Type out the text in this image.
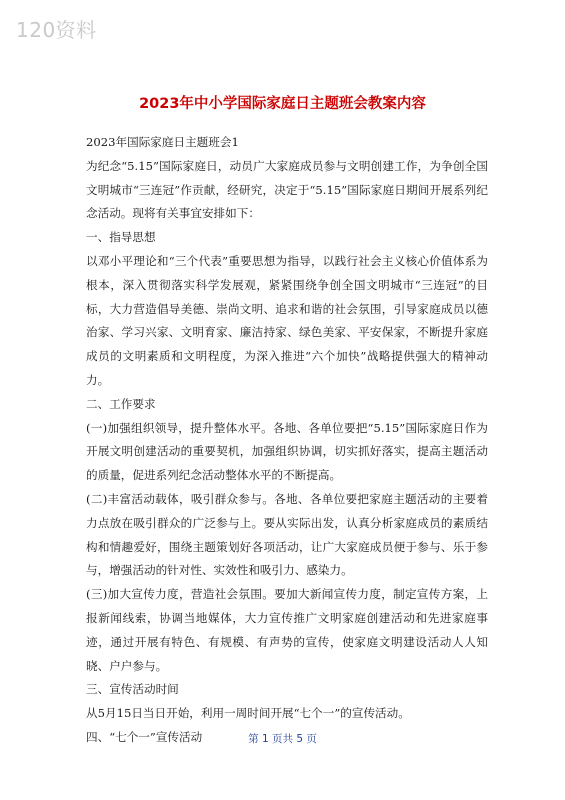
120资料
2023年中小学国际家庭日主题班会教案内容

2023年国际家庭日主题班会1

为纪念“5.15”国际家庭日，动员广大家庭成员参与文明创建工作，为争创全国文明城市“三连冠”作贡献，经研究，决定于“5.15”国际家庭日期间开展系列纪念活动。现将有关事宜安排如下：

一、指导思想

以邓小平理论和“三个代表”重要思想为指导，以践行社会主义核心价值体系为根本，深入贯彻落实科学发展观，紧紧围绕争创全国文明城市“三连冠”的目标，大力营造倡导美德、崇尚文明、追求和谐的社会氛围，引导家庭成员以德治家、学习兴家、文明育家、廉洁持家、绿色美家、平安保家，不断提升家庭成员的文明素质和文明程度，为深入推进“六个加快”战略提供强大的精神动力。

二、工作要求

(一)加强组织领导，提升整体水平。各地、各单位要把“5.15”国际家庭日作为开展文明创建活动的重要契机，加强组织协调，切实抓好落实，提高主题活动的质量，促进系列纪念活动整体水平的不断提高。

(二)丰富活动载体，吸引群众参与。各地、各单位要把家庭主题活动的主要着力点放在吸引群众的广泛参与上。要从实际出发，认真分析家庭成员的素质结构和情趣爱好，围绕主题策划好各项活动，让广大家庭成员便于参与、乐于参与，增强活动的针对性、实效性和吸引力、感染力。

(三)加大宣传力度，营造社会氛围。要加大新闻宣传力度，制定宣传方案，上报新闻线索，协调当地媒体，大力宣传推广文明家庭创建活动和先进家庭事迹，通过开展有特色、有规模、有声势的宣传，使家庭文明建设活动人人知晓、户户参与。

三、宣传活动时间

从5月15日当日开始，利用一周时间开展“七个一”的宣传活动。

四、“七个一”宣传活动	第 1 页共 5 页
